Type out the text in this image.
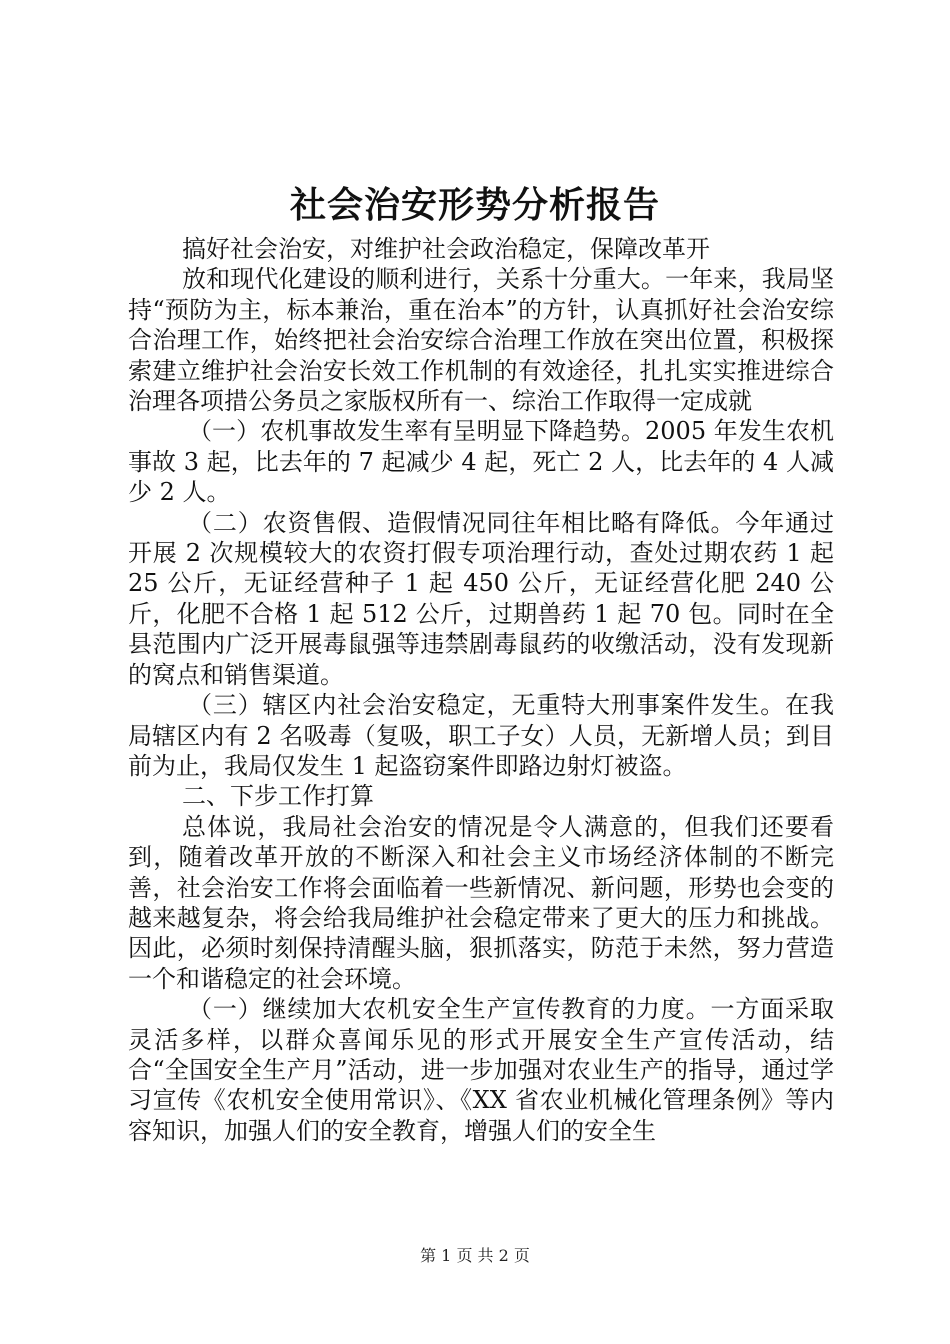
社会治安形势分析报告

搞好社会治安，对维护社会政治稳定，保障改革开

放和现代化建设的顺利进行，关系十分重大。一年来，我局坚持“预防为主，标本兼治，重在治本”的方针，认真抓好社会治安综合治理工作，始终把社会治安综合治理工作放在突出位置，积极探索建立维护社会治安长效工作机制的有效途径，扎扎实实推进综合治理各项措公务员之家版权所有一、综治工作取得一定成就

（一）农机事故发生率有呈明显下降趋势。2005 年发生农机事故 3 起，比去年的 7 起减少 4 起，死亡 2 人，比去年的 4 人减少 2 人。

（二）农资售假、造假情况同往年相比略有降低。今年通过开展 2 次规模较大的农资打假专项治理行动，查处过期农药 1 起 25 公斤，无证经营种子 1 起 450 公斤，无证经营化肥 240 公斤，化肥不合格 1 起 512 公斤，过期兽药 1 起 70 包。同时在全县范围内广泛开展毒鼠强等违禁剧毒鼠药的收缴活动，没有发现新的窝点和销售渠道。

（三）辖区内社会治安稳定，无重特大刑事案件发生。在我局辖区内有 2 名吸毒（复吸，职工子女）人员，无新增人员；到目前为止，我局仅发生 1 起盗窃案件即路边射灯被盗。

二、下步工作打算

总体说，我局社会治安的情况是令人满意的，但我们还要看到，随着改革开放的不断深入和社会主义市场经济体制的不断完善，社会治安工作将会面临着一些新情况、新问题，形势也会变的越来越复杂，将会给我局维护社会稳定带来了更大的压力和挑战。因此，必须时刻保持清醒头脑，狠抓落实，防范于未然，努力营造一个和谐稳定的社会环境。

（一）继续加大农机安全生产宣传教育的力度。一方面采取灵活多样，以群众喜闻乐见的形式开展安全生产宣传活动，结合“全国安全生产月”活动，进一步加强对农业生产的指导，通过学习宣传《农机安全使用常识》、《XX 省农业机械化管理条例》等内容知识，加强人们的安全教育，增强人们的安全生

第 1 页 共 2 页
